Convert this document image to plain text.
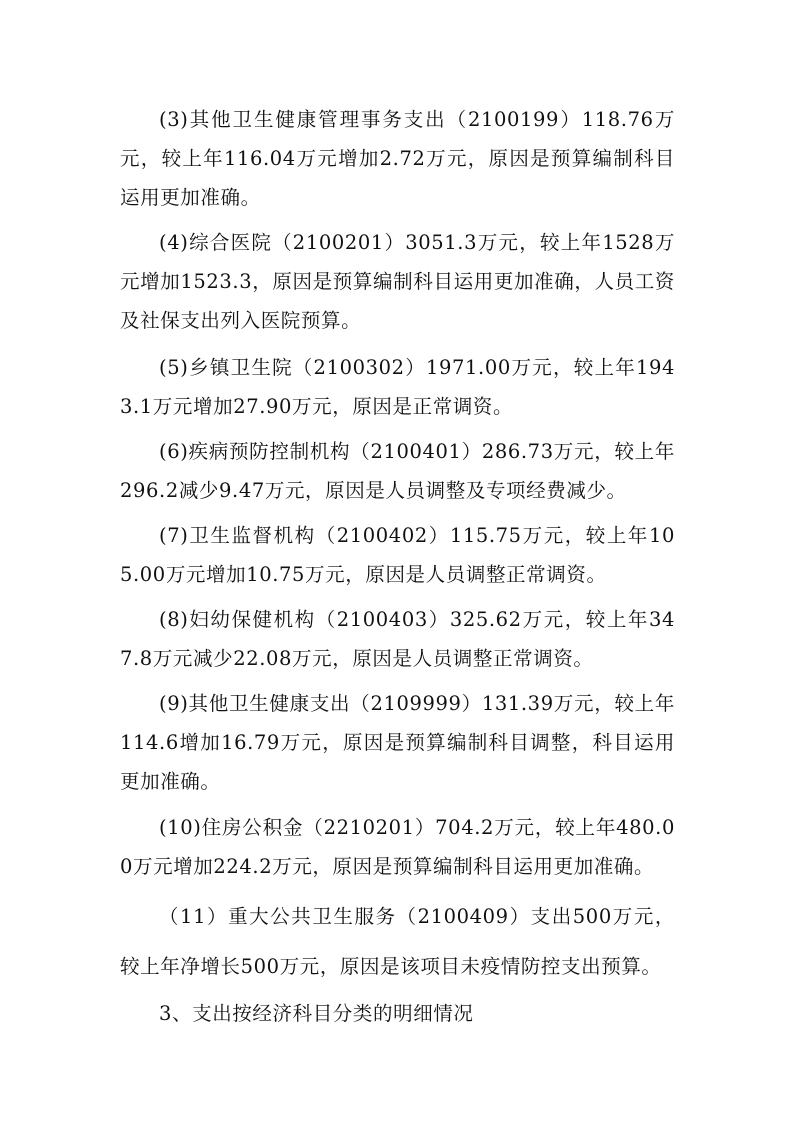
(3)其他卫生健康管理事务支出（2100199）118.76万元，较上年116.04万元增加2.72万元，原因是预算编制科目运用更加准确。

(4)综合医院（2100201）3051.3万元，较上年1528万元增加1523.3，原因是预算编制科目运用更加准确，人员工资及社保支出列入医院预算。

(5)乡镇卫生院（2100302）1971.00万元，较上年1943.1万元增加27.90万元，原因是正常调资。

(6)疾病预防控制机构（2100401）286.73万元，较上年296.2减少9.47万元，原因是人员调整及专项经费减少。

(7)卫生监督机构（2100402）115.75万元，较上年105.00万元增加10.75万元，原因是人员调整正常调资。

(8)妇幼保健机构（2100403）325.62万元，较上年347.8万元减少22.08万元，原因是人员调整正常调资。

(9)其他卫生健康支出（2109999）131.39万元，较上年114.6增加16.79万元，原因是预算编制科目调整，科目运用更加准确。

(10)住房公积金（2210201）704.2万元，较上年480.00万元增加224.2万元，原因是预算编制科目运用更加准确。

（11）重大公共卫生服务（2100409）支出500万元，较上年净增长500万元，原因是该项目未疫情防控支出预算。

3、支出按经济科目分类的明细情况
